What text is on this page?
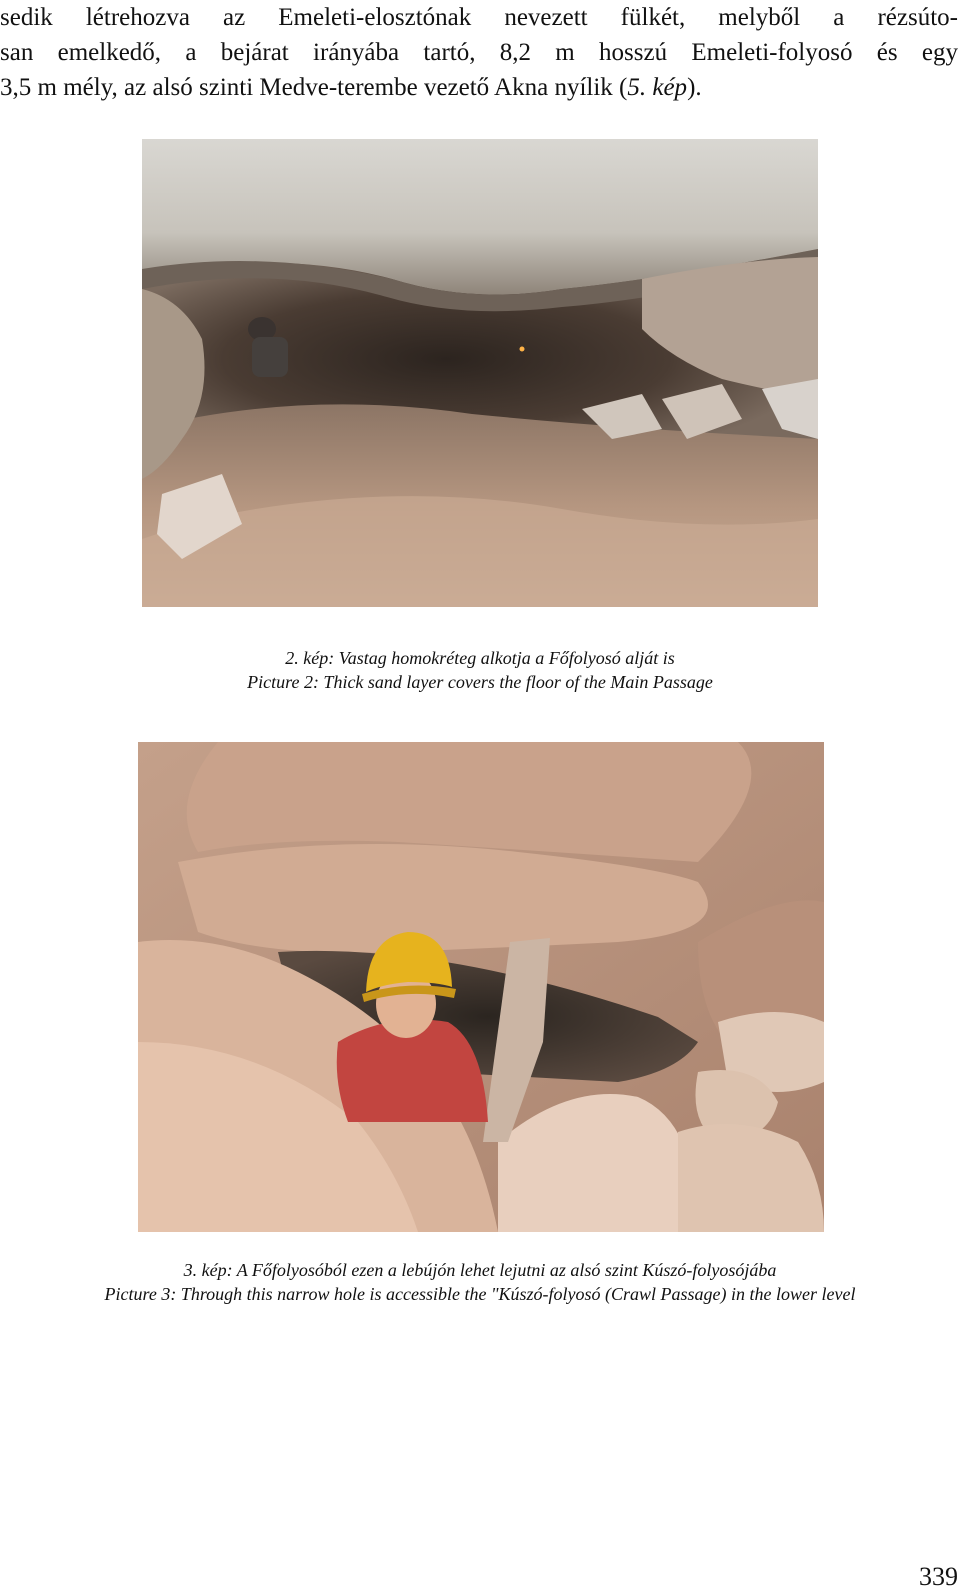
sedik létrehozva az Emeleti-elosztónak nevezett fülkét, melyből a rézsúto-
san emelkedő, a bejárat irányába tartó, 8,2 m hosszú Emeleti-folyosó és egy
3,5 m mély, az alsó szinti Medve-terembe vezető Akna nyílik (5. kép).
2. kép: Vastag homokréteg alkotja a Főfolyosó alját is
Picture 2: Thick sand layer covers the floor of the Main Passage
3. kép: A Főfolyosóból ezen a lebújón lehet lejutni az alsó szint Kúszó-folyosójába
Picture 3: Through this narrow hole is accessible the "Kúszó-folyosó (Crawl Passage) in the lower level
339
